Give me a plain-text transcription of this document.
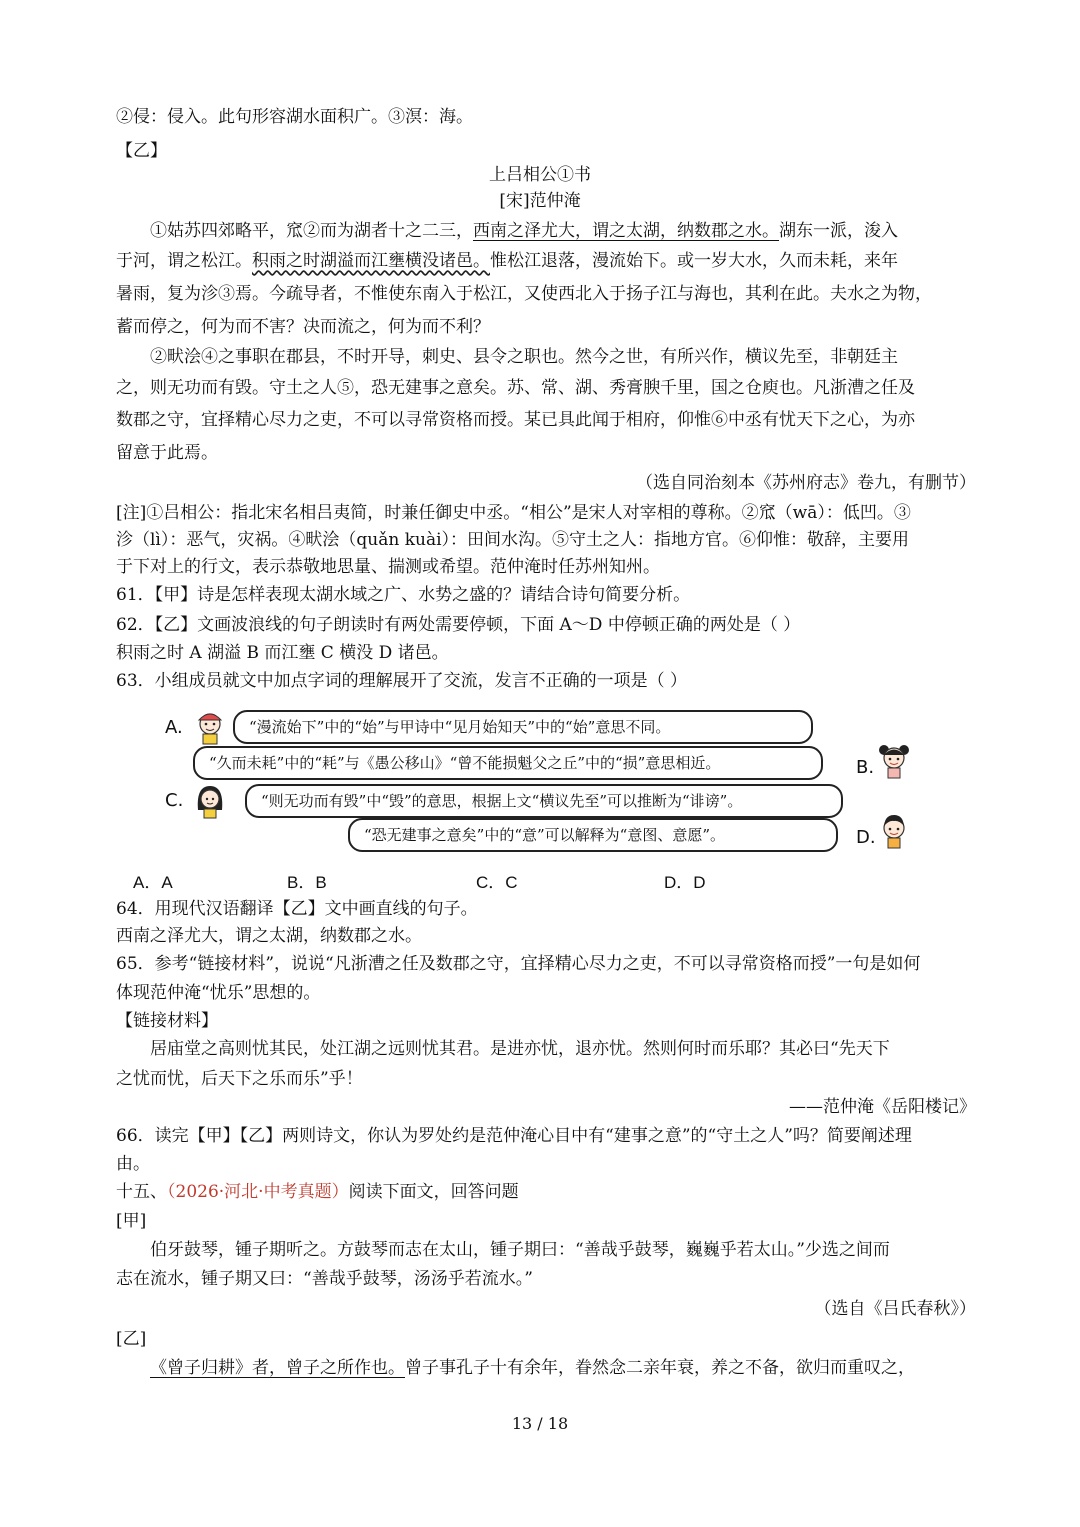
②侵：侵入。此句形容湖水面积广。③溟：海。
【乙】
上吕相公①书
[宋]范仲淹
①姑苏四郊略平，窊②而为湖者十之二三，西南之泽尤大，谓之太湖，纳数郡之水。湖东一派，浚入
于河，谓之松江。积雨之时湖溢而江壅横没诸邑。惟松江退落，漫流始下。或一岁大水，久而未耗，来年
暑雨，复为沴③焉。今疏导者，不惟使东南入于松江，又使西北入于扬子江与海也，其利在此。夫水之为物，
蓄而停之，何为而不害？决而流之，何为而不利？
②畎浍④之事职在郡县，不时开导，刺史、县令之职也。然今之世，有所兴作，横议先至，非朝廷主
之，则无功而有毁。守土之人⑤，恐无建事之意矣。苏、常、湖、秀膏腴千里，国之仓庾也。凡浙漕之任及
数郡之守，宜择精心尽力之吏，不可以寻常资格而授。某已具此闻于相府，仰惟⑥中丞有忧天下之心，为亦
留意于此焉。
（选自同治刻本《苏州府志》卷九，有删节）
[注]①吕相公：指北宋名相吕夷简，时兼任御史中丞。“相公”是宋人对宰相的尊称。②窊（wā）：低凹。③
沴（lì）：恶气，灾祸。④畎浍（quǎn kuài）：田间水沟。⑤守土之人：指地方官。⑥仰惟：敬辞，主要用
于下对上的行文，表示恭敬地思量、揣测或希望。范仲淹时任苏州知州。
61．【甲】诗是怎样表现太湖水域之广、水势之盛的？请结合诗句简要分析。
62．【乙】文画波浪线的句子朗读时有两处需要停顿，下面 A～D 中停顿正确的两处是（ ）
积雨之时 A 湖溢 B 而江壅 C 横没 D 诸邑。
63．小组成员就文中加点字词的理解展开了交流，发言不正确的一项是（ ）
A.	“漫流始下”中的“始”与甲诗中“见月始知天”中的“始”意思不同。
“久而未耗”中的“耗”与《愚公移山》“曾不能损魁父之丘”中的“损”意思相近。	B.
C.	“则无功而有毁”中“毁”的意思，根据上文“横议先至”可以推断为“诽谤”。
“恐无建事之意矣”中的“意”可以解释为“意图、意愿”。	D.
A．A	B．B	C．C	D．D
64．用现代汉语翻译【乙】文中画直线的句子。
西南之泽尤大，谓之太湖，纳数郡之水。
65．参考“链接材料”，说说“凡浙漕之任及数郡之守，宜择精心尽力之吏，不可以寻常资格而授”一句是如何
体现范仲淹“忧乐”思想的。
【链接材料】
居庙堂之高则忧其民，处江湖之远则忧其君。是进亦忧，退亦忧。然则何时而乐耶？其必曰“先天下
之忧而忧，后天下之乐而乐”乎！
——范仲淹《岳阳楼记》
66．读完【甲】【乙】两则诗文，你认为罗处约是范仲淹心目中有“建事之意”的“守土之人”吗？简要阐述理
由。
十五、（2026·河北·中考真题）阅读下面文，回答问题
[甲]
伯牙鼓琴，锺子期听之。方鼓琴而志在太山，锺子期曰：“善哉乎鼓琴，巍巍乎若太山。”少选之间而
志在流水，锺子期又曰：“善哉乎鼓琴，汤汤乎若流水。”
（选自《吕氏春秋》）
[乙]
《曾子归耕》者，曾子之所作也。曾子事孔子十有余年，眷然念二亲年衰，养之不备，欲归而重叹之，
13 / 18
